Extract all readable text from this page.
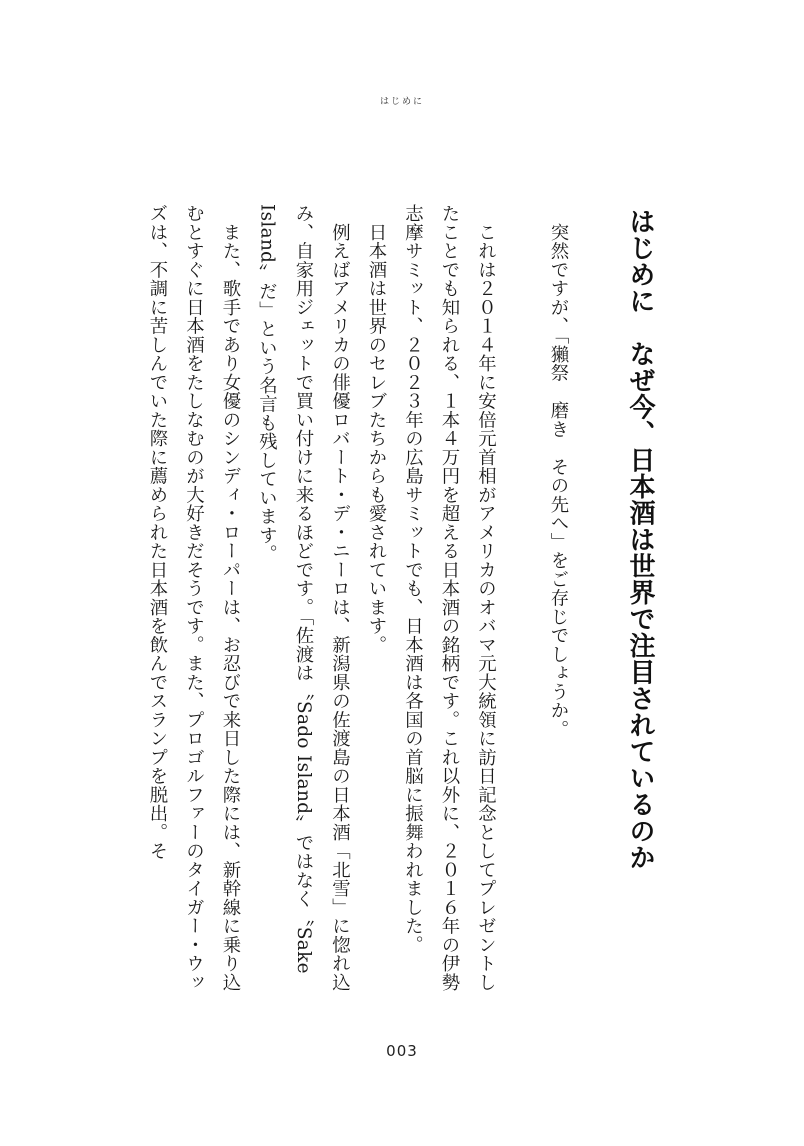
はじめに
はじめに　なぜ今、日本酒は世界で注目されているのか

　突然ですが、「獺祭　磨き　その先へ」をご存じでしょうか。

　これは２０１４年に安倍元首相がアメリカのオバマ元大統領に訪日記念としてプレゼントしたことでも知られる、１本４万円を超える日本酒の銘柄です。これ以外に、２０１６年の伊勢志摩サミット、２０２３年の広島サミットでも、日本酒は各国の首脳に振舞われました。

　日本酒は世界のセレブたちからも愛されています。

　例えばアメリカの俳優ロバート・デ・ニーロは、新潟県の佐渡島の日本酒「北雪」に惚れ込み、自家用ジェットで買い付けに来るほどです。「佐渡は〝Sado Island〟ではなく〝Sake Island〟だ」という名言も残しています。

　また、歌手であり女優のシンディ・ローパーは、お忍びで来日した際には、新幹線に乗り込むとすぐに日本酒をたしなむのが大好きだそうです。また、プロゴルファーのタイガー・ウッズは、不調に苦しんでいた際に薦められた日本酒を飲んでスランプを脱出。そ

003
